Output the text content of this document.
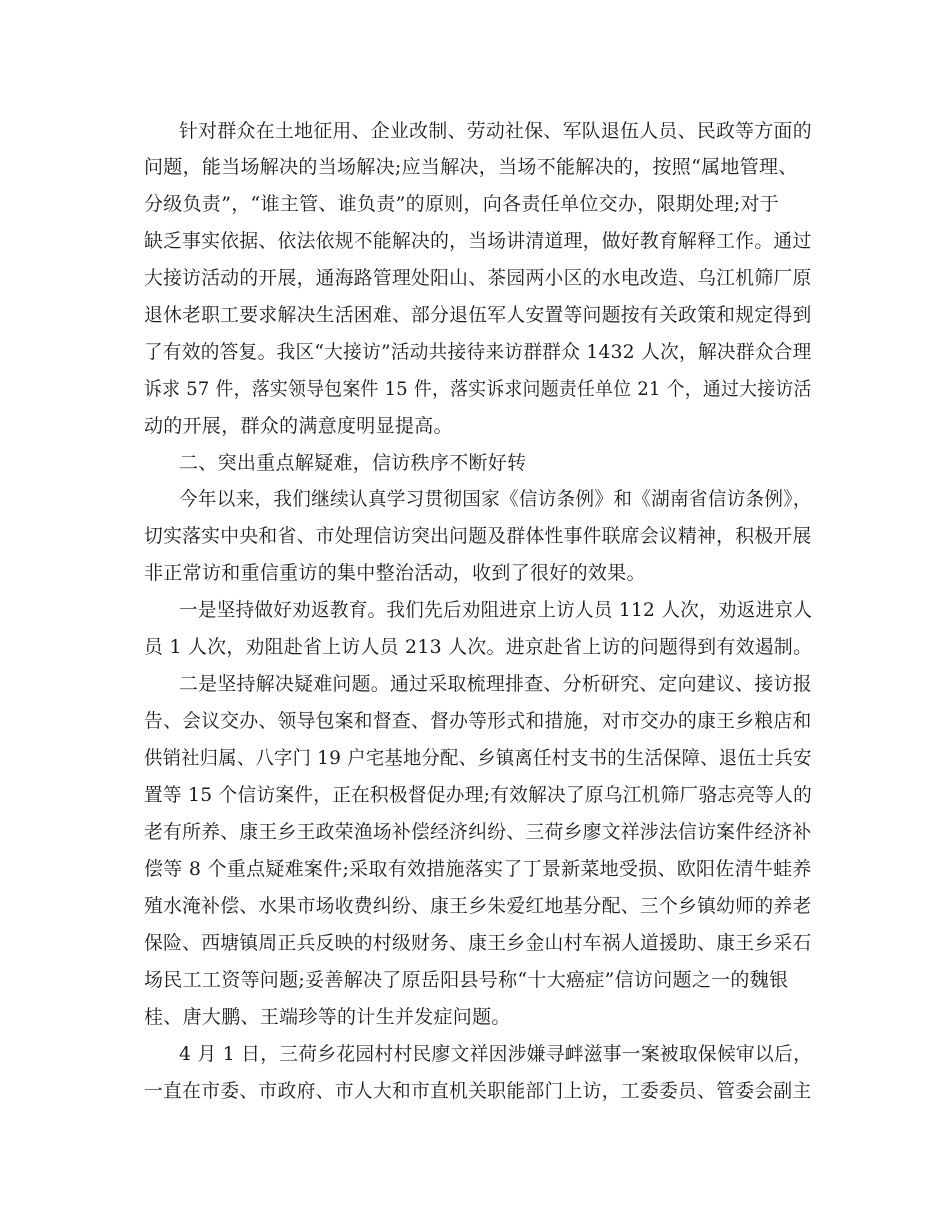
针对群众在土地征用、企业改制、劳动社保、军队退伍人员、民政等方面的
问题，能当场解决的当场解决;应当解决，当场不能解决的，按照“属地管理、
分级负责”，“谁主管、谁负责”的原则，向各责任单位交办，限期处理;对于
缺乏事实依据、依法依规不能解决的，当场讲清道理，做好教育解释工作。通过
大接访活动的开展，通海路管理处阳山、茶园两小区的水电改造、乌江机筛厂原
退休老职工要求解决生活困难、部分退伍军人安置等问题按有关政策和规定得到
了有效的答复。我区“大接访”活动共接待来访群群众 1432 人次，解决群众合理
诉求 57 件，落实领导包案件 15 件，落实诉求问题责任单位 21 个，通过大接访活
动的开展，群众的满意度明显提高。
二、突出重点解疑难，信访秩序不断好转
今年以来，我们继续认真学习贯彻国家《信访条例》和《湖南省信访条例》，
切实落实中央和省、市处理信访突出问题及群体性事件联席会议精神，积极开展
非正常访和重信重访的集中整治活动，收到了很好的效果。
一是坚持做好劝返教育。我们先后劝阻进京上访人员 112 人次，劝返进京人
员 1 人次，劝阻赴省上访人员 213 人次。进京赴省上访的问题得到有效遏制。
二是坚持解决疑难问题。通过采取梳理排查、分析研究、定向建议、接访报
告、会议交办、领导包案和督查、督办等形式和措施，对市交办的康王乡粮店和
供销社归属、八字门 19 户宅基地分配、乡镇离任村支书的生活保障、退伍士兵安
置等 15 个信访案件，正在积极督促办理;有效解决了原乌江机筛厂骆志亮等人的
老有所养、康王乡王政荣渔场补偿经济纠纷、三荷乡廖文祥涉法信访案件经济补
偿等 8 个重点疑难案件;采取有效措施落实了丁景新菜地受损、欧阳佐清牛蛙养
殖水淹补偿、水果市场收费纠纷、康王乡朱爱红地基分配、三个乡镇幼师的养老
保险、西塘镇周正兵反映的村级财务、康王乡金山村车祸人道援助、康王乡采石
场民工工资等问题;妥善解决了原岳阳县号称“十大癌症”信访问题之一的魏银
桂、唐大鹏、王端珍等的计生并发症问题。
4 月 1 日，三荷乡花园村村民廖文祥因涉嫌寻衅滋事一案被取保候审以后，
一直在市委、市政府、市人大和市直机关职能部门上访，工委委员、管委会副主
